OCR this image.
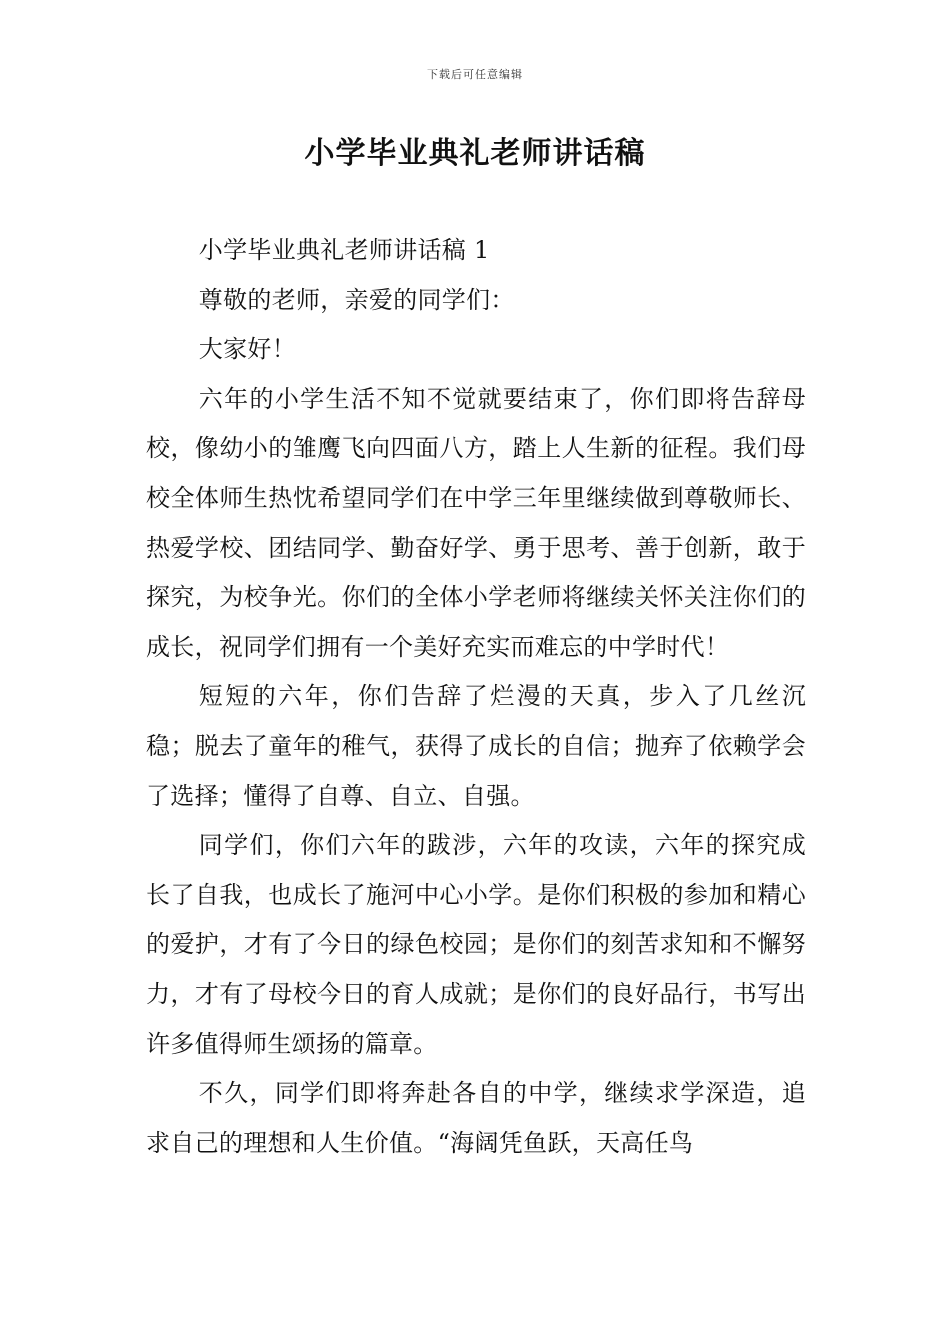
下载后可任意编辑
小学毕业典礼老师讲话稿

小学毕业典礼老师讲话稿 1

尊敬的老师，亲爱的同学们：

大家好！

六年的小学生活不知不觉就要结束了，你们即将告辞母校，像幼小的雏鹰飞向四面八方，踏上人生新的征程。我们母校全体师生热忱希望同学们在中学三年里继续做到尊敬师长、热爱学校、团结同学、勤奋好学、勇于思考、善于创新，敢于探究，为校争光。你们的全体小学老师将继续关怀关注你们的成长，祝同学们拥有一个美好充实而难忘的中学时代！

短短的六年，你们告辞了烂漫的天真，步入了几丝沉稳；脱去了童年的稚气，获得了成长的自信；抛弃了依赖学会了选择；懂得了自尊、自立、自强。

同学们，你们六年的跋涉，六年的攻读，六年的探究成长了自我，也成长了施河中心小学。是你们积极的参加和精心的爱护，才有了今日的绿色校园；是你们的刻苦求知和不懈努力，才有了母校今日的育人成就；是你们的良好品行，书写出许多值得师生颂扬的篇章。

不久，同学们即将奔赴各自的中学，继续求学深造，追求自己的理想和人生价值。“海阔凭鱼跃，天高任鸟
